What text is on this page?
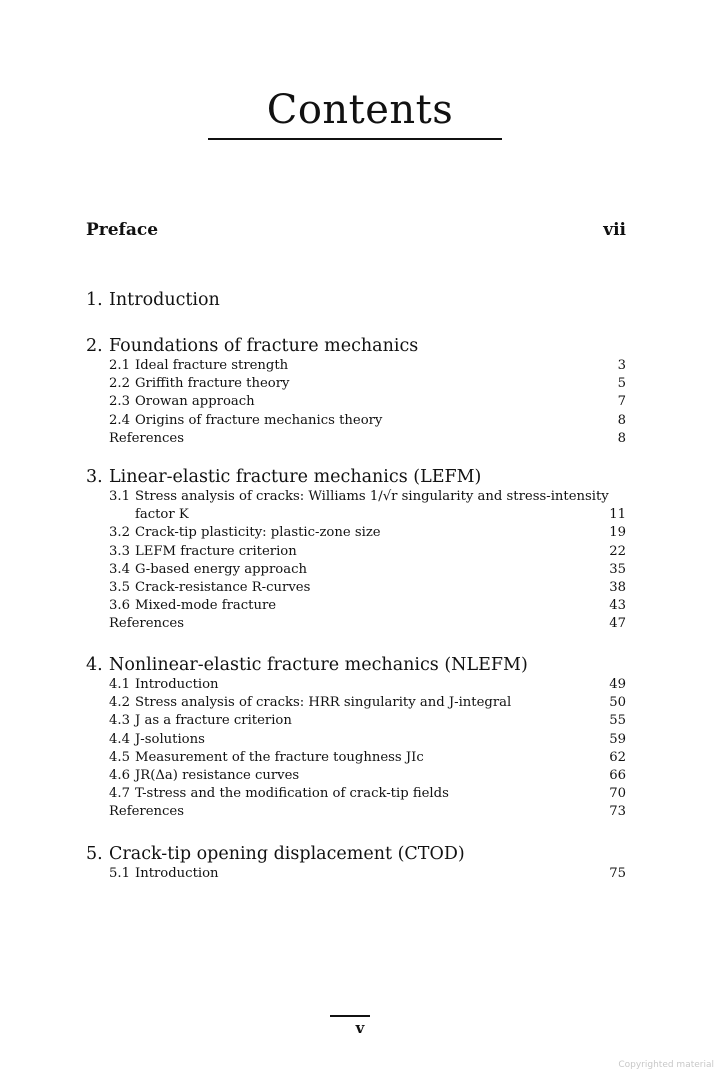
Contents
Preface	vii
1. Introduction
2. Foundations of fracture mechanics
2.1 Ideal fracture strength	3
2.2 Griffith fracture theory	5
2.3 Orowan approach	7
2.4 Origins of fracture mechanics theory	8
References	8
3. Linear-elastic fracture mechanics (LEFM)
3.1 Stress analysis of cracks: Williams 1/√r singularity and stress-intensity
factor K	11
3.2 Crack-tip plasticity: plastic-zone size	19
3.3 LEFM fracture criterion	22
3.4 G-based energy approach	35
3.5 Crack-resistance R-curves	38
3.6 Mixed-mode fracture	43
References	47
4. Nonlinear-elastic fracture mechanics (NLEFM)
4.1 Introduction	49
4.2 Stress analysis of cracks: HRR singularity and J-integral	50
4.3 J as a fracture criterion	55
4.4 J-solutions	59
4.5 Measurement of the fracture toughness JIc	62
4.6 JR(Δa) resistance curves	66
4.7 T-stress and the modification of crack-tip fields	70
References	73
5. Crack-tip opening displacement (CTOD)
5.1 Introduction	75
v
Copyrighted material
